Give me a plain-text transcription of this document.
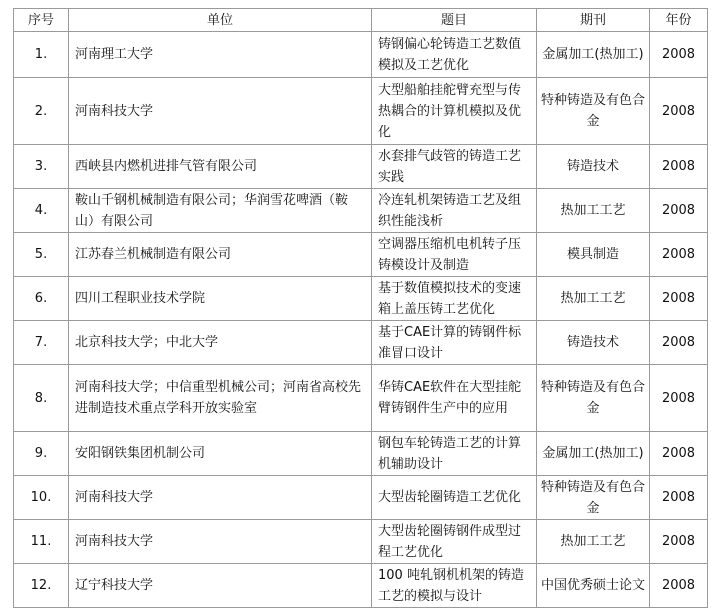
序号	单位	题目	期刊	年份
1.	河南理工大学	铸钢偏心轮铸造工艺数值模拟及工艺优化	金属加工(热加工)	2008
2.	河南科技大学	大型船舶挂舵臂充型与传热耦合的计算机模拟及优化	特种铸造及有色合金	2008
3.	西峡县内燃机进排气管有限公司	水套排气歧管的铸造工艺实践	铸造技术	2008
4.	鞍山千钢机械制造有限公司；华润雪花啤酒（鞍山）有限公司	冷连轧机架铸造工艺及组织性能浅析	热加工工艺	2008
5.	江苏春兰机械制造有限公司	空调器压缩机电机转子压铸模设计及制造	模具制造	2008
6.	四川工程职业技术学院	基于数值模拟技术的变速箱上盖压铸工艺优化	热加工工艺	2008
7.	北京科技大学；中北大学	基于CAE计算的铸钢件标准冒口设计	铸造技术	2008
8.	河南科技大学；中信重型机械公司；河南省高校先进制造技术重点学科开放实验室	华铸CAE软件在大型挂舵臂铸钢件生产中的应用	特种铸造及有色合金	2008
9.	安阳钢铁集团机制公司	钢包车轮铸造工艺的计算机辅助设计	金属加工(热加工)	2008
10.	河南科技大学	大型齿轮圈铸造工艺优化	特种铸造及有色合金	2008
11.	河南科技大学	大型齿轮圈铸钢件成型过程工艺优化	热加工工艺	2008
12.	辽宁科技大学	100 吨轧钢机机架的铸造工艺的模拟与设计	中国优秀硕士论文	2008
